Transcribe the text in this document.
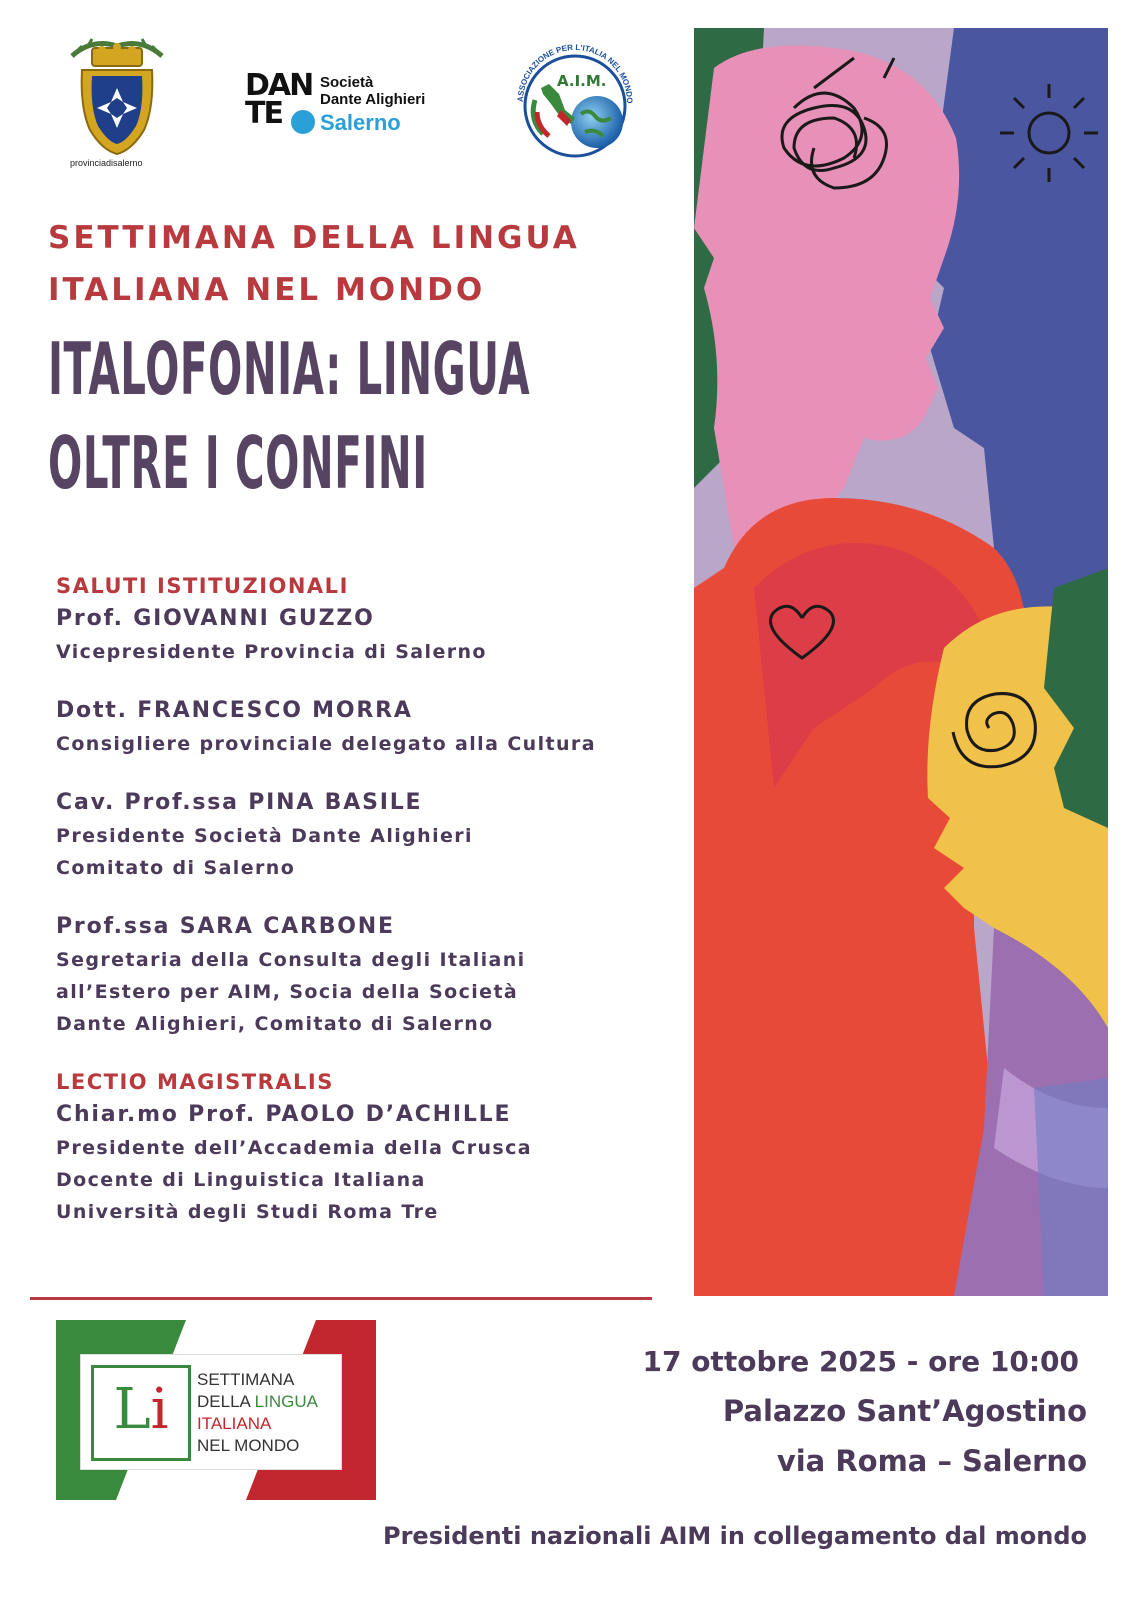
provinciadisalerno
DAN
TE
Società
Dante Alighieri
Salerno
ASSOCIAZIONE PER L'ITALIA NEL MONDO
A.I.M.
SETTIMANA DELLA LINGUA
ITALIANA NEL MONDO
ITALOFONIA: LINGUA
OLTRE I CONFINI
SALUTI ISTITUZIONALI
Prof. GIOVANNI GUZZO
Vicepresidente Provincia di Salerno
Dott. FRANCESCO MORRA
Consigliere provinciale delegato alla Cultura
Cav. Prof.ssa PINA BASILE
Presidente Società Dante Alighieri
Comitato di Salerno
Prof.ssa SARA CARBONE
Segretaria della Consulta degli Italiani
all’Estero per AIM, Socia della Società
Dante Alighieri, Comitato di Salerno
LECTIO MAGISTRALIS
Chiar.mo Prof. PAOLO D’ACHILLE
Presidente dell’Accademia della Crusca
Docente di Linguistica Italiana
Università degli Studi Roma Tre
Li	SETTIMANA
DELLA LINGUA
ITALIANA
NEL MONDO
17 ottobre 2025 - ore 10:00
Palazzo Sant’Agostino
via Roma – Salerno
Presidenti nazionali AIM in collegamento dal mondo
